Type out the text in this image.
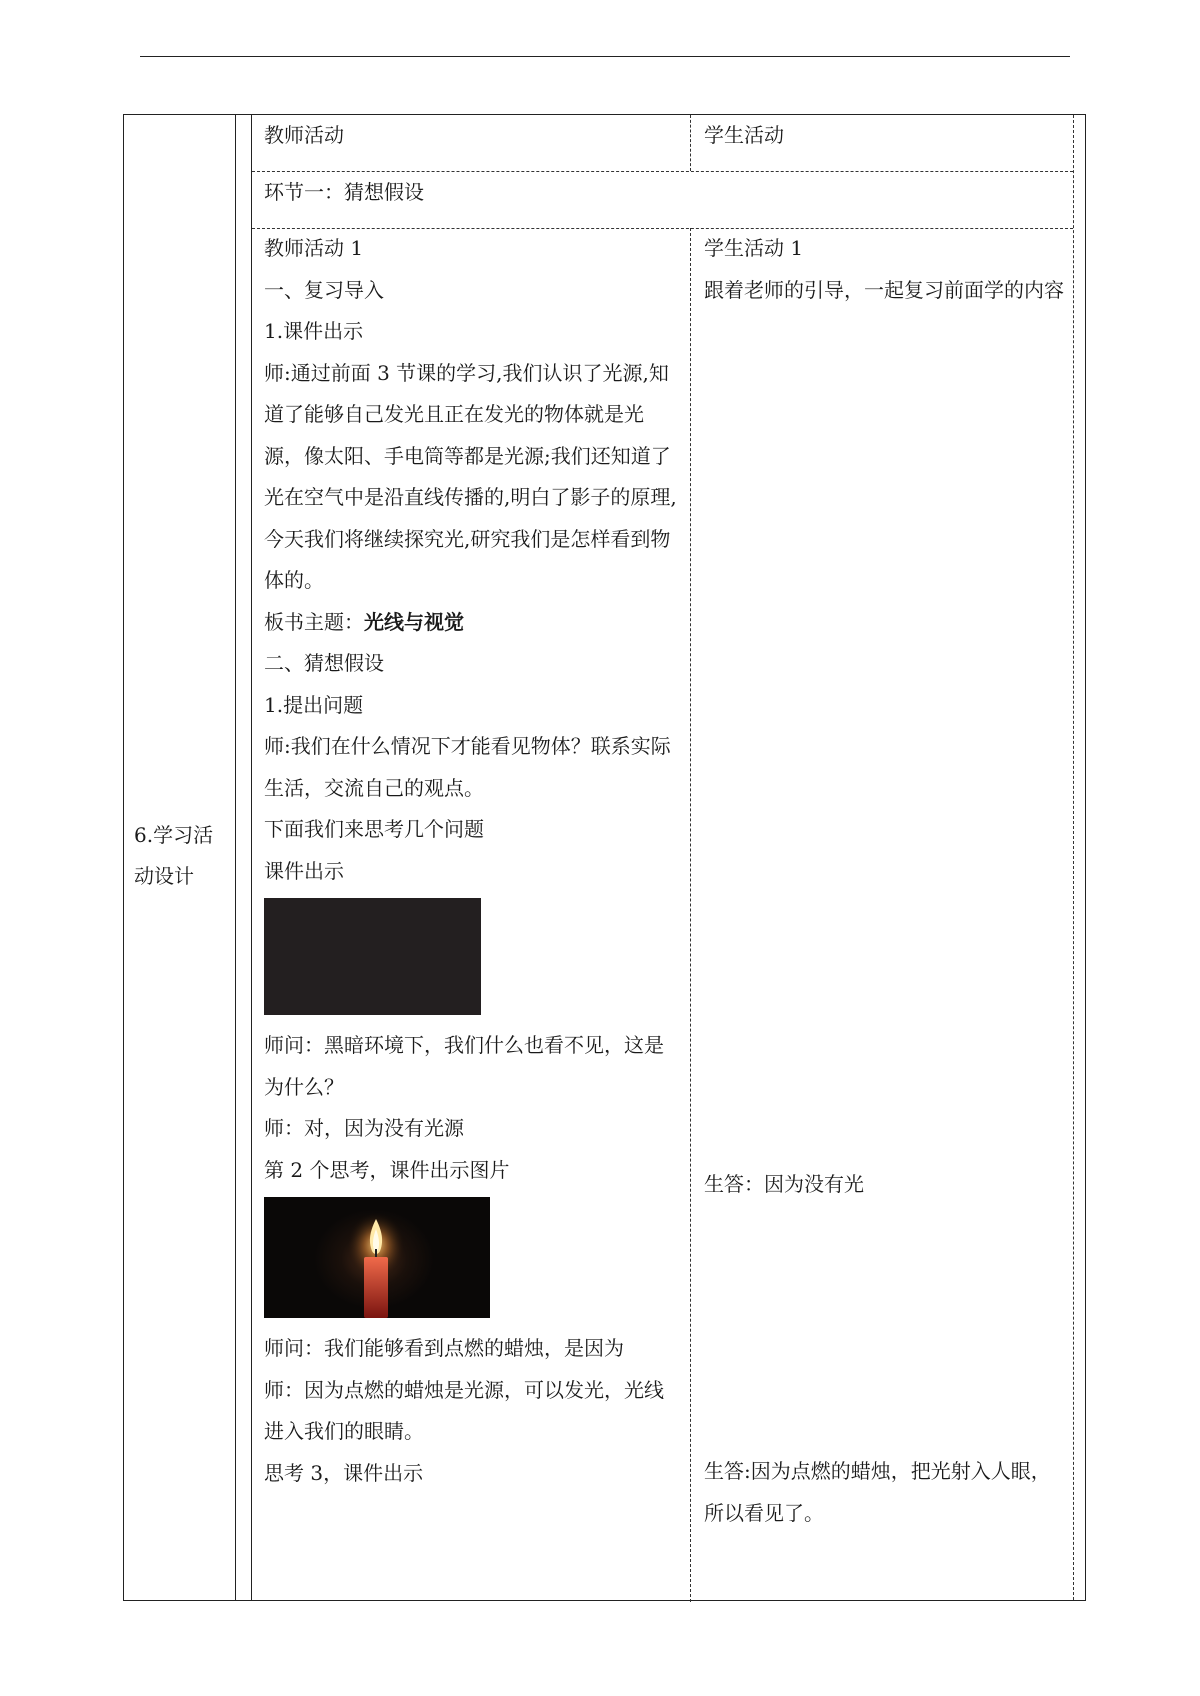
6.学习活动设计
教师活动	学生活动
环节一：猜想假设
教师活动 1
一、复习导入
1.课件出示
师:通过前面 3 节课的学习,我们认识了光源,知道了能够自己发光且正在发光的物体就是光源，像太阳、手电筒等都是光源;我们还知道了光在空气中是沿直线传播的,明白了影子的原理,
今天我们将继续探究光,研究我们是怎样看到物体的。
板书主题：光线与视觉
二、猜想假设
1.提出问题
师:我们在什么情况下才能看见物体？联系实际生活，交流自己的观点。
下面我们来思考几个问题
课件出示
师问：黑暗环境下，我们什么也看不见，这是为什么？
师：对，因为没有光源
第 2 个思考，课件出示图片
师问：我们能够看到点燃的蜡烛，是因为
师：因为点燃的蜡烛是光源，可以发光，光线进入我们的眼睛。
思考 3，课件出示
学生活动 1
跟着老师的引导，一起复习前面学的内容
生答：因为没有光
生答:因为点燃的蜡烛，把光射入人眼，所以看见了。
